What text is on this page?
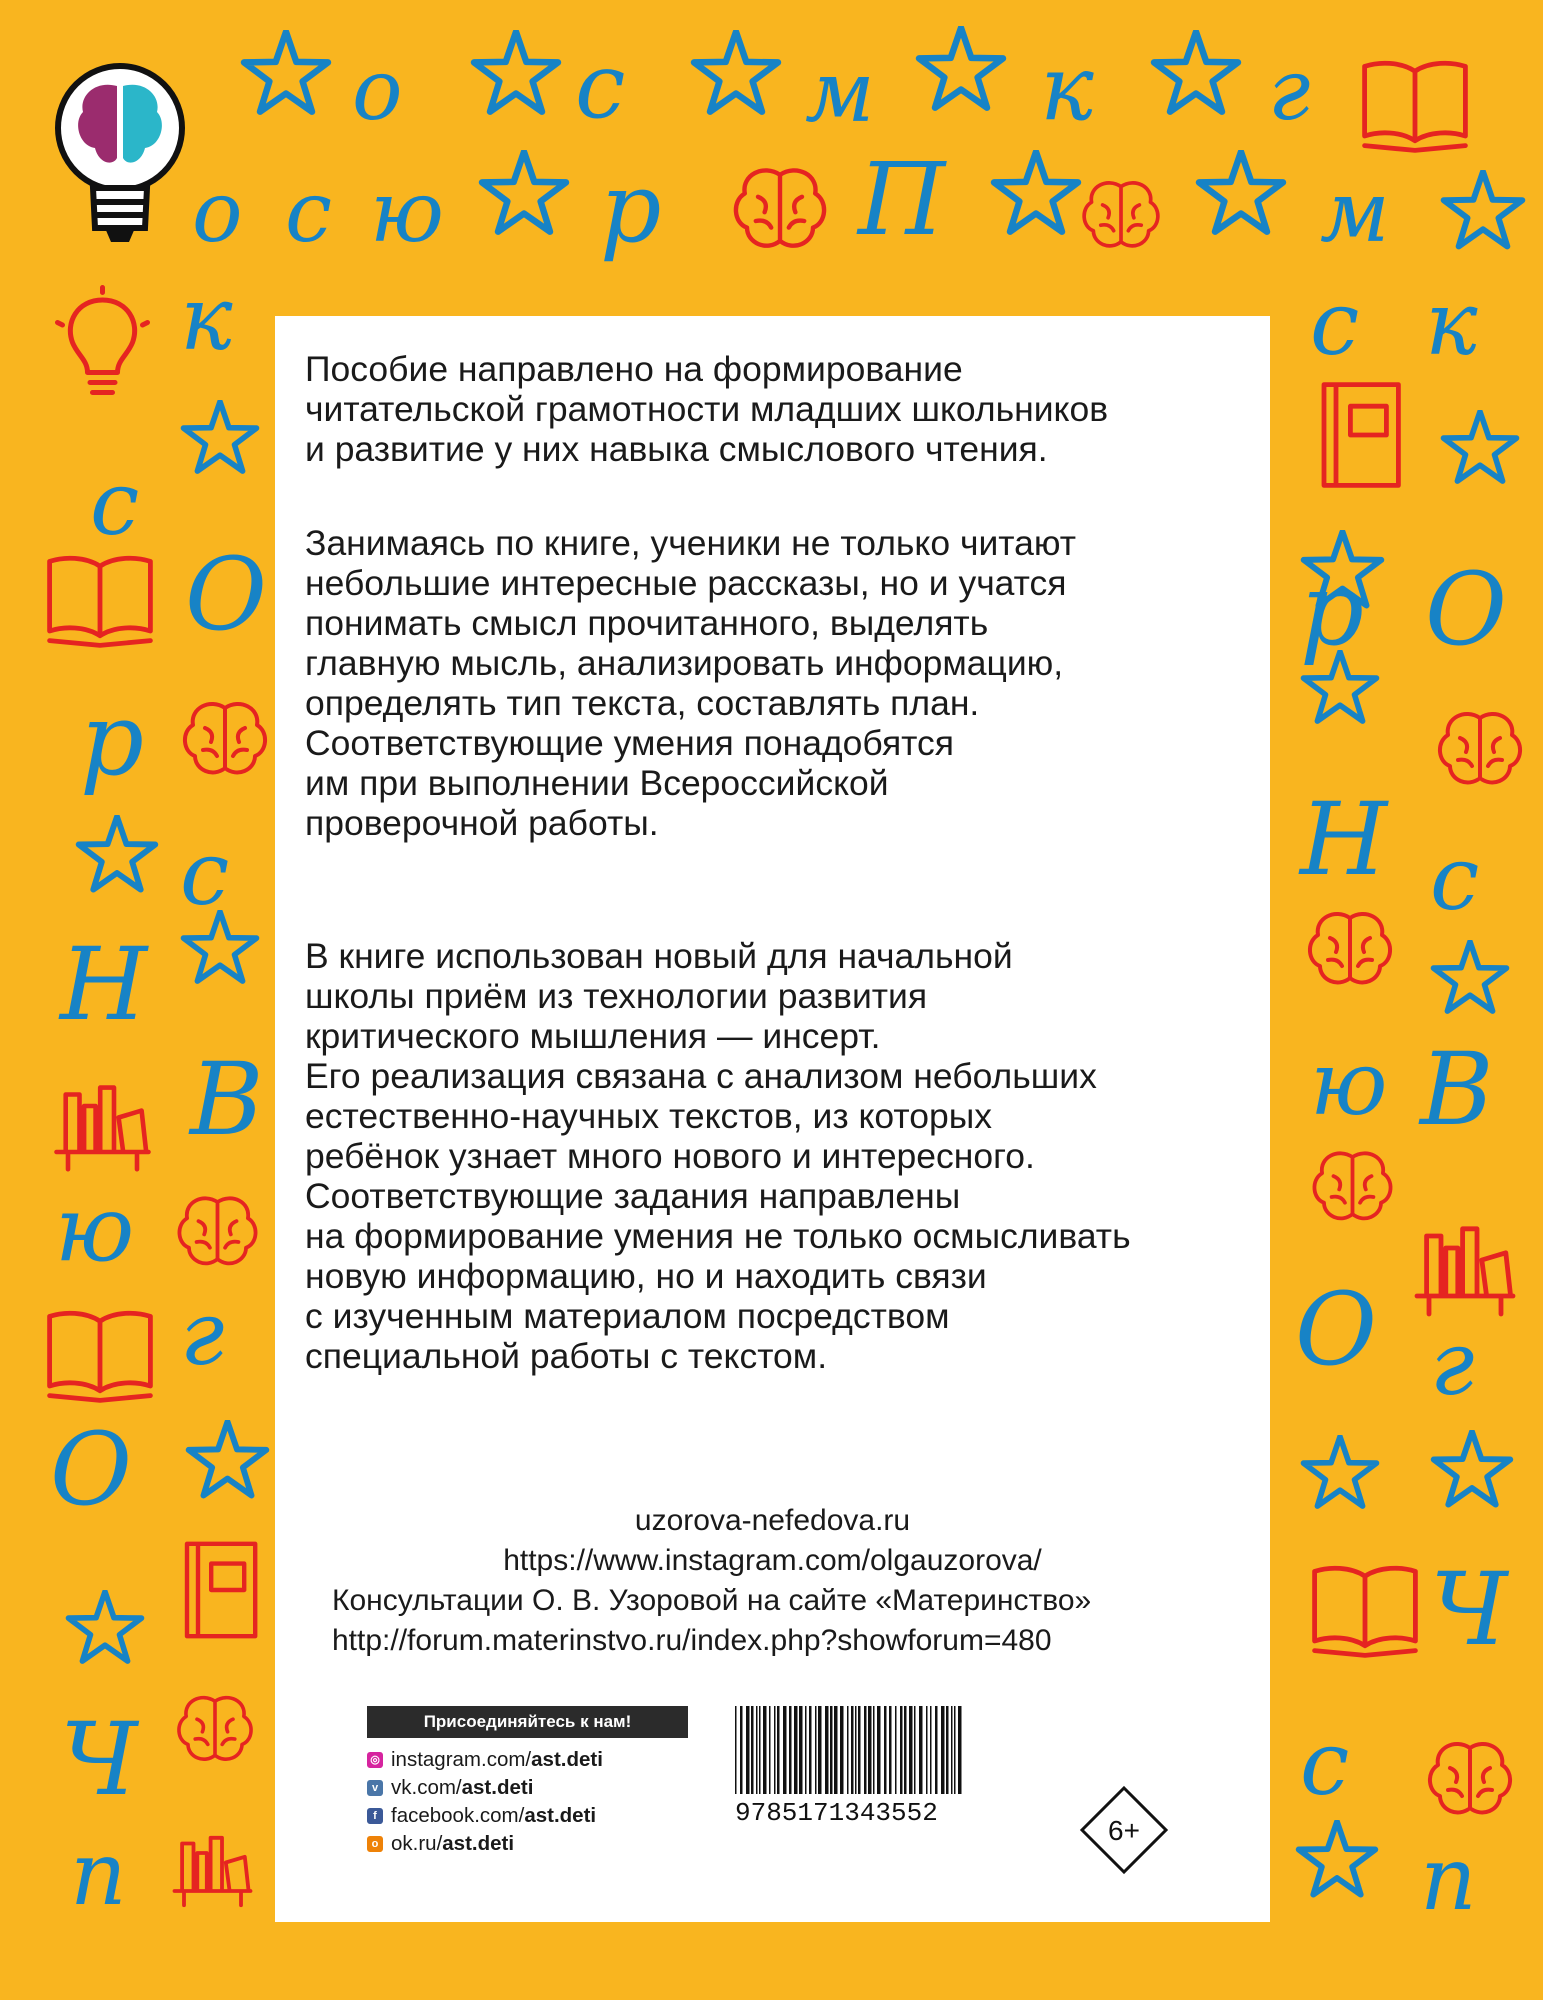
о с м к г
о с ю р П	м
к
с
О
р
с
Н
В
ю
г
О
Ч
п
с к
р О
Н с
ю В
О г
Ч
с
п

Пособие направлено на формирование
читательской грамотности младших школьников
и развитие у них навыка смыслового чтения.

Занимаясь по книге, ученики не только читают
небольшие интересные рассказы, но и учатся
понимать смысл прочитанного, выделять
главную мысль, анализировать информацию,
определять тип текста, составлять план.
Соответствующие умения понадобятся
им при выполнении Всероссийской
проверочной работы.

В книге использован новый для начальной
школы приём из технологии развития
критического мышления — инсерт.
Его реализация связана с анализом небольших
естественно-научных текстов, из которых
ребёнок узнает много нового и интересного.
Соответствующие задания направлены
на формирование умения не только осмысливать
новую информацию, но и находить связи
с изученным материалом посредством
специальной работы с текстом.

uzorova-nefedova.ru
https://www.instagram.com/olgauzorova/
Консультации О. В. Узоровой на сайте «Материнство»
http://forum.materinstvo.ru/index.php?showforum=480
Присоединяйтесь к нам!
◎ instagram.com/ ast.deti
v vk.com/ ast.deti
f facebook.com/ ast.deti
o ok.ru/ ast.deti
9785171343552
6+
